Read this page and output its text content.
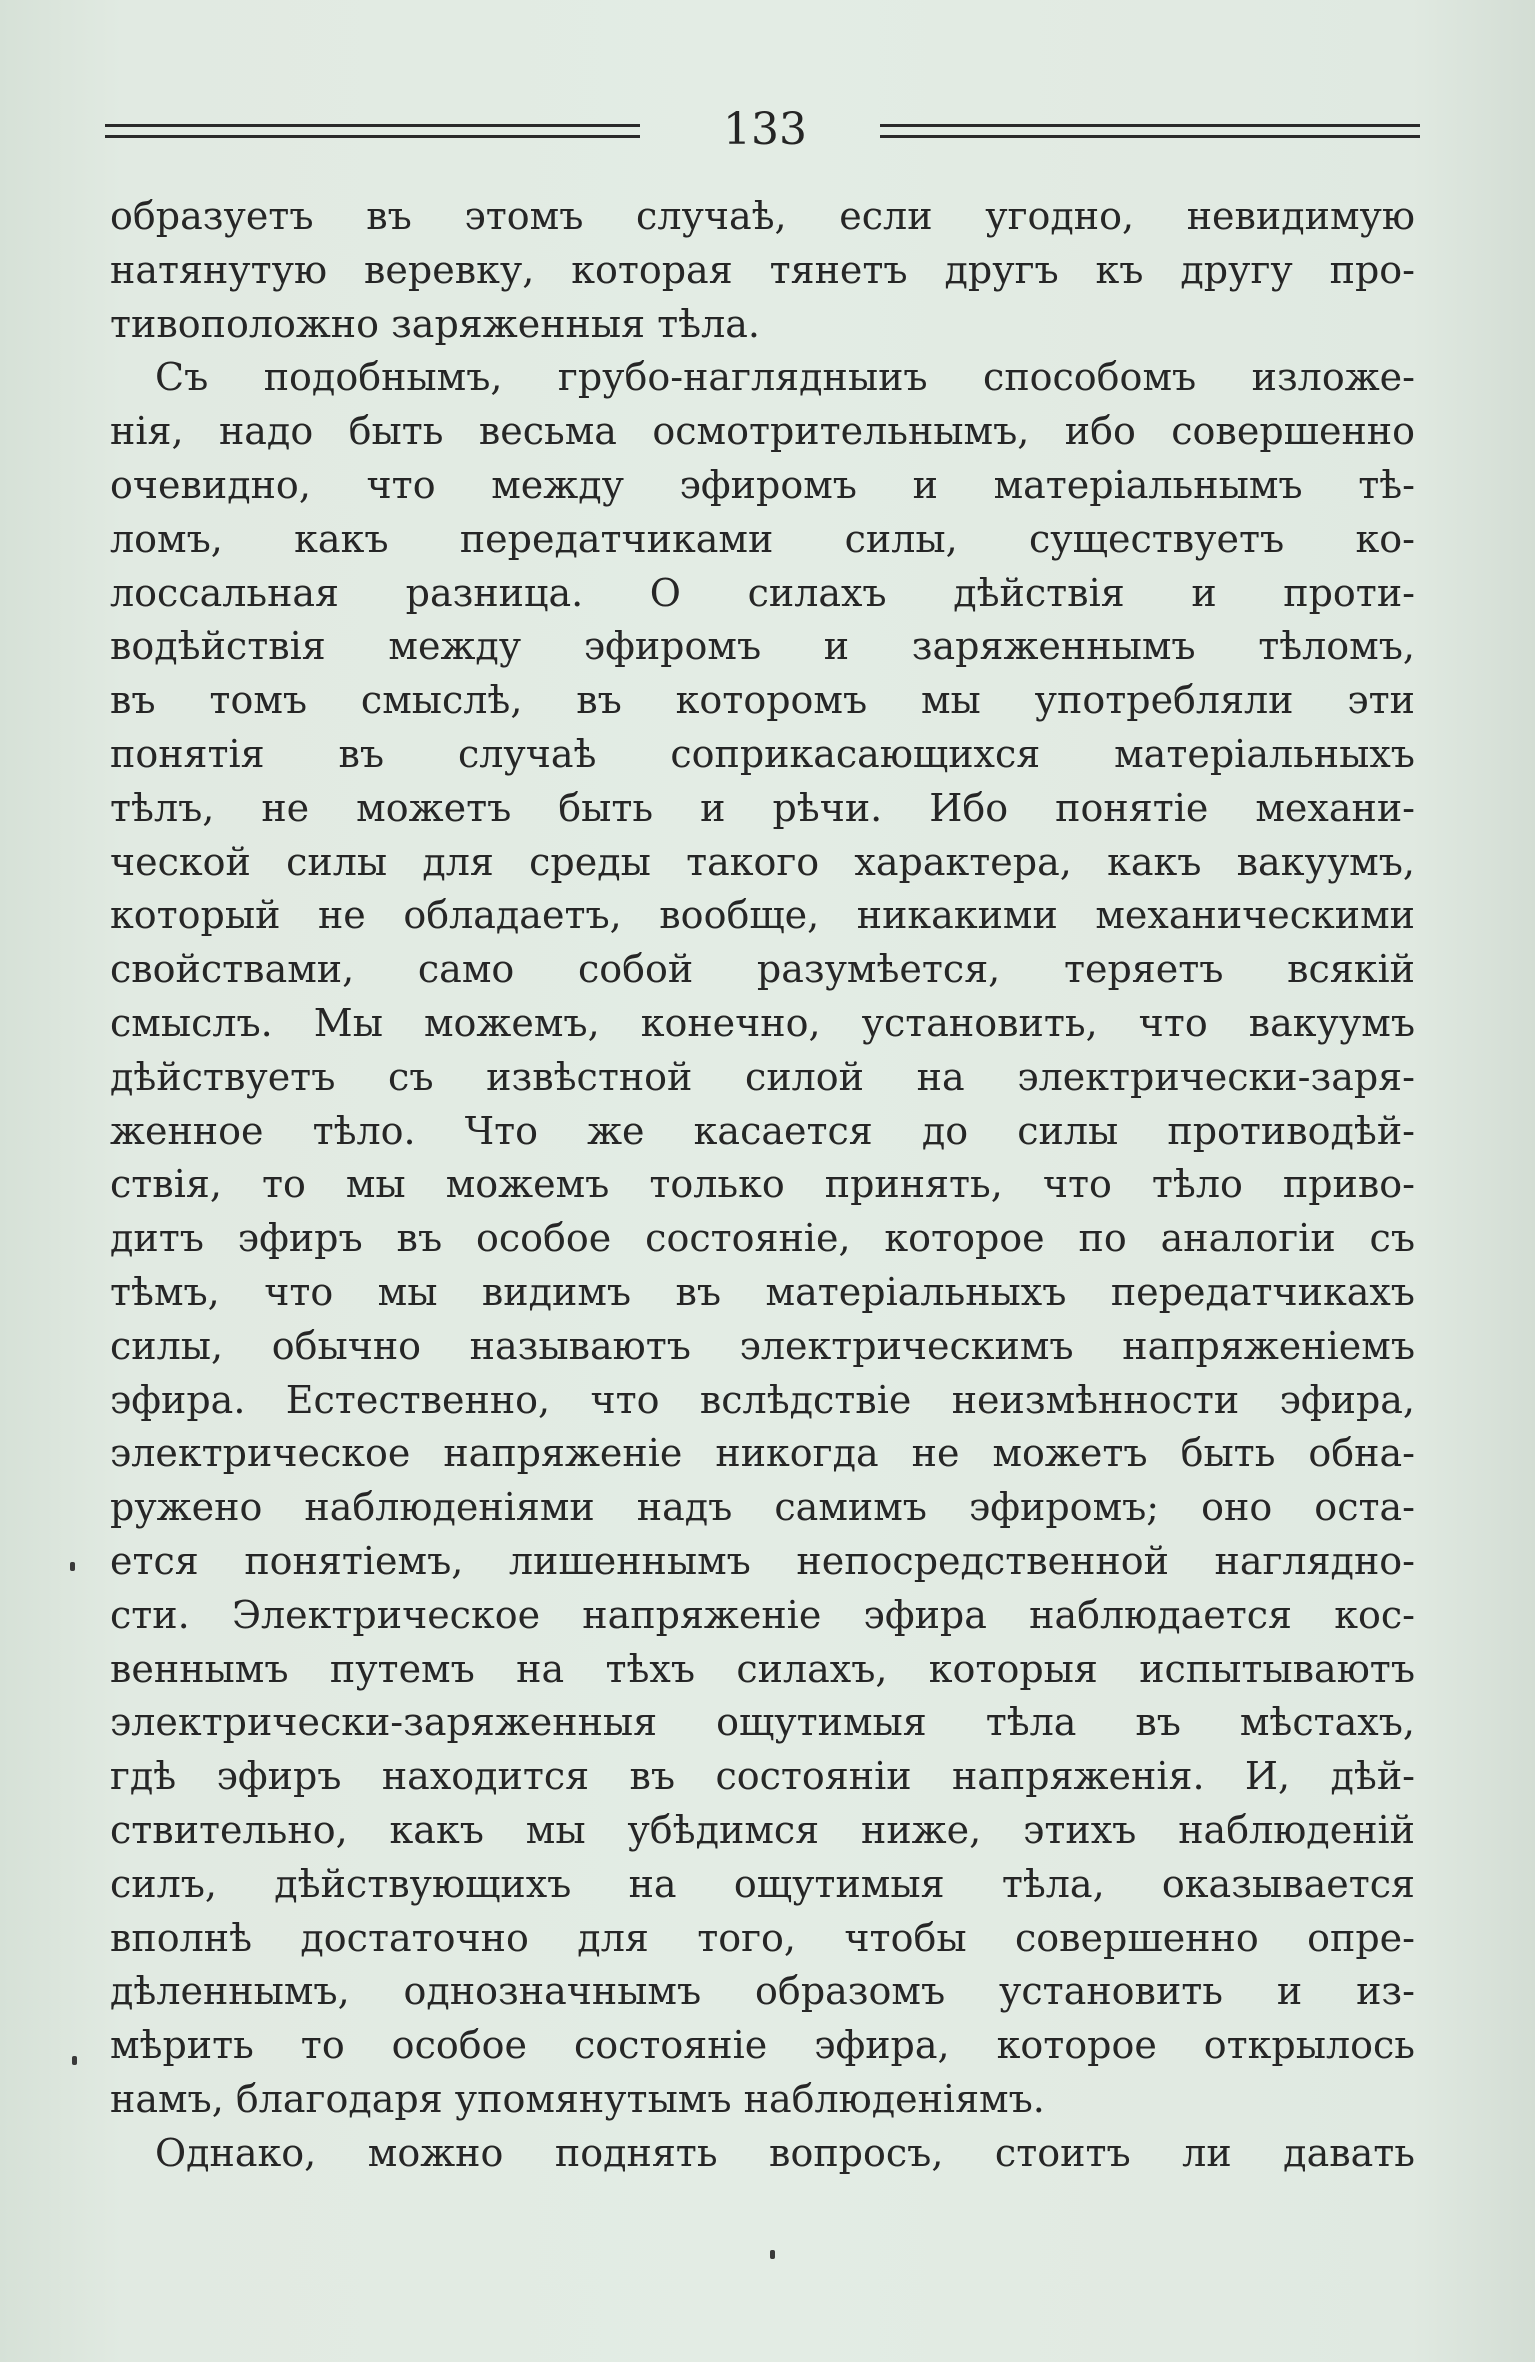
133
образуетъ въ этомъ случаѣ, если угодно, невидимую
натянутую веревку, которая тянетъ другъ къ другу про-
тивоположно заряженныя тѣла.
Съ подобнымъ, грубо-наглядныиъ способомъ изложе-
нія, надо быть весьма осмотрительнымъ, ибо совершенно
очевидно, что между эфиромъ и матеріальнымъ тѣ-
ломъ, какъ передатчиками силы, существуетъ ко-
лоссальная разница. О силахъ дѣйствія и проти-
водѣйствія между эфиромъ и заряженнымъ тѣломъ,
въ томъ смыслѣ, въ которомъ мы употребляли эти
понятія въ случаѣ соприкасающихся матеріальныхъ
тѣлъ, не можетъ быть и рѣчи. Ибо понятіе механи-
ческой силы для среды такого характера, какъ вакуумъ,
который не обладаетъ, вообще, никакими механическими
свойствами, само собой разумѣется, теряетъ всякій
смыслъ. Мы можемъ, конечно, установить, что вакуумъ
дѣйствуетъ съ извѣстной силой на электрически-заря-
женное тѣло. Что же касается до силы противодѣй-
ствія, то мы можемъ только принять, что тѣло приво-
дитъ эфиръ въ особое состояніе, которое по аналогіи съ
тѣмъ, что мы видимъ въ матеріальныхъ передатчикахъ
силы, обычно называютъ электрическимъ напряженіемъ
эфира. Естественно, что вслѣдствіе неизмѣнности эфира,
электрическое напряженіе никогда не можетъ быть обна-
ружено наблюденіями надъ самимъ эфиромъ; оно оста-
ется понятіемъ, лишеннымъ непосредственной наглядно-
сти. Электрическое напряженіе эфира наблюдается кос-
веннымъ путемъ на тѣхъ силахъ, которыя испытываютъ
электрически-заряженныя ощутимыя тѣла въ мѣстахъ,
гдѣ эфиръ находится въ состояніи напряженія. И, дѣй-
ствительно, какъ мы убѣдимся ниже, этихъ наблюденій
силъ, дѣйствующихъ на ощутимыя тѣла, оказывается
вполнѣ достаточно для того, чтобы совершенно опре-
дѣленнымъ, однозначнымъ образомъ установить и из-
мѣрить то особое состояніе эфира, которое открылось
намъ, благодаря упомянутымъ наблюденіямъ.
Однако, можно поднять вопросъ, стоитъ ли давать
